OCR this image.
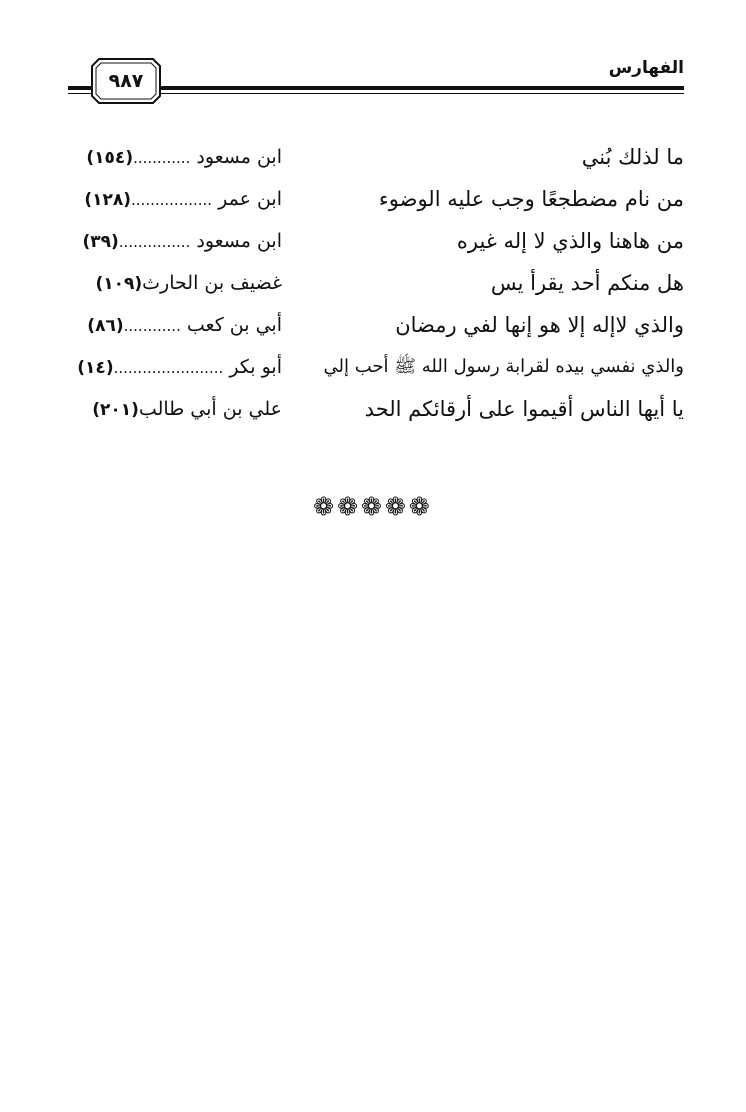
الفهارس
٩٨٧
ما لذلك بُني
ابن مسعود ............(١٥٤)
من نام مضطجعًا وجب عليه الوضوء
ابن عمر .................(١٢٨)
من هاهنا والذي لا إله غيره
ابن مسعود ...............(٣٩)
هل منكم أحد يقرأ يس
غضيف بن الحارث(١٠٩)
والذي لاإله إلا هو إنها لفي رمضان
أبي بن كعب ............(٨٦)
والذي نفسي بيده لقرابة رسول الله ﷺ أحب إلي
أبو بكر .......................(١٤)
يا أيها الناس أقيموا على أرقائكم الحد
علي بن أبي طالب(٢٠١)
❁❁❁❁❁
